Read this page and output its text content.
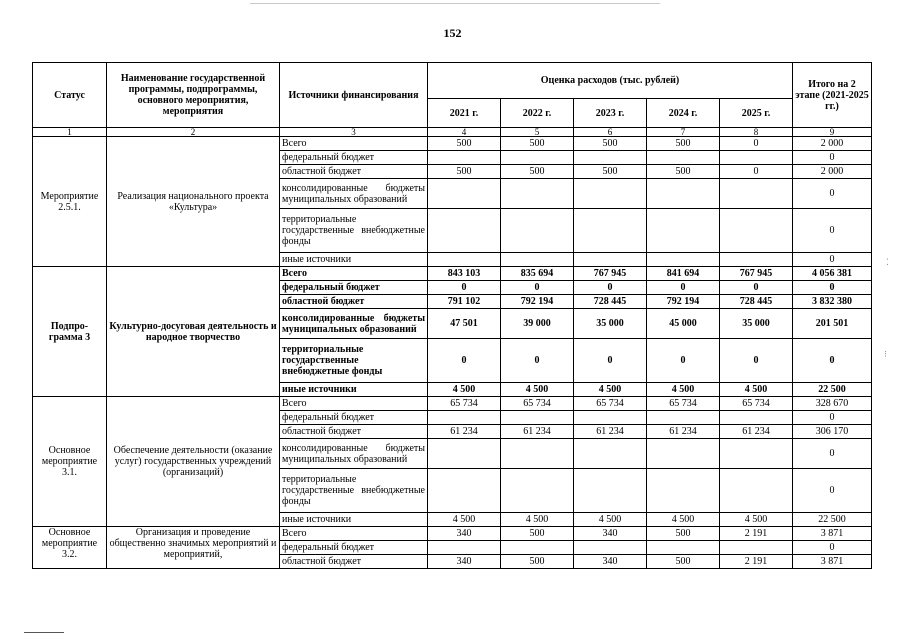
152
Статус	Наименование государственной программы, подпрограммы, основного мероприятия, мероприятия	Источники финансирования	Оценка расходов (тыс. рублей)					Итого на 2 этапе (2021-2025 гг.)
			2021 г.	2022 г.	2023 г.	2024 г.	2025 г.	
1	2	3	4	5	6	7	8	9
Мероприятие 2.5.1.	Реализация национального проекта «Культура»	Всего	500	500	500	500	0	2 000
		федеральный бюджет						0
		областной бюджет	500	500	500	500	0	2 000
		консолидированные бюджеты муниципальных образований						0
		территориальные государственные внебюджетные фонды						0
		иные источники						0
Подпро-грамма 3	Культурно-досуговая деятельность и народное творчество	Всего	843 103	835 694	767 945	841 694	767 945	4 056 381
		федеральный бюджет	0	0	0	0	0	0
		областной бюджет	791 102	792 194	728 445	792 194	728 445	3 832 380
		консолидированные бюджеты муниципальных образований	47 501	39 000	35 000	45 000	35 000	201 501
		территориальные государственные внебюджетные фонды	0	0	0	0	0	0
		иные источники	4 500	4 500	4 500	4 500	4 500	22 500
Основное мероприятие 3.1.	Обеспечение деятельности (оказание услуг) государственных учреждений (организаций)	Всего	65 734	65 734	65 734	65 734	65 734	328 670
		федеральный бюджет						0
		областной бюджет	61 234	61 234	61 234	61 234	61 234	306 170
		консолидированные бюджеты муниципальных образований						0
		территориальные государственные внебюджетные фонды						0
		иные источники	4 500	4 500	4 500	4 500	4 500	22 500
Основное мероприятие 3.2.	Организация и проведение общественно значимых мероприятий и мероприятий,	Всего	340	500	340	500	2 191	3 871
		федеральный бюджет						0
		областной бюджет	340	500	340	500	2 191	3 871
⁚
⁝
